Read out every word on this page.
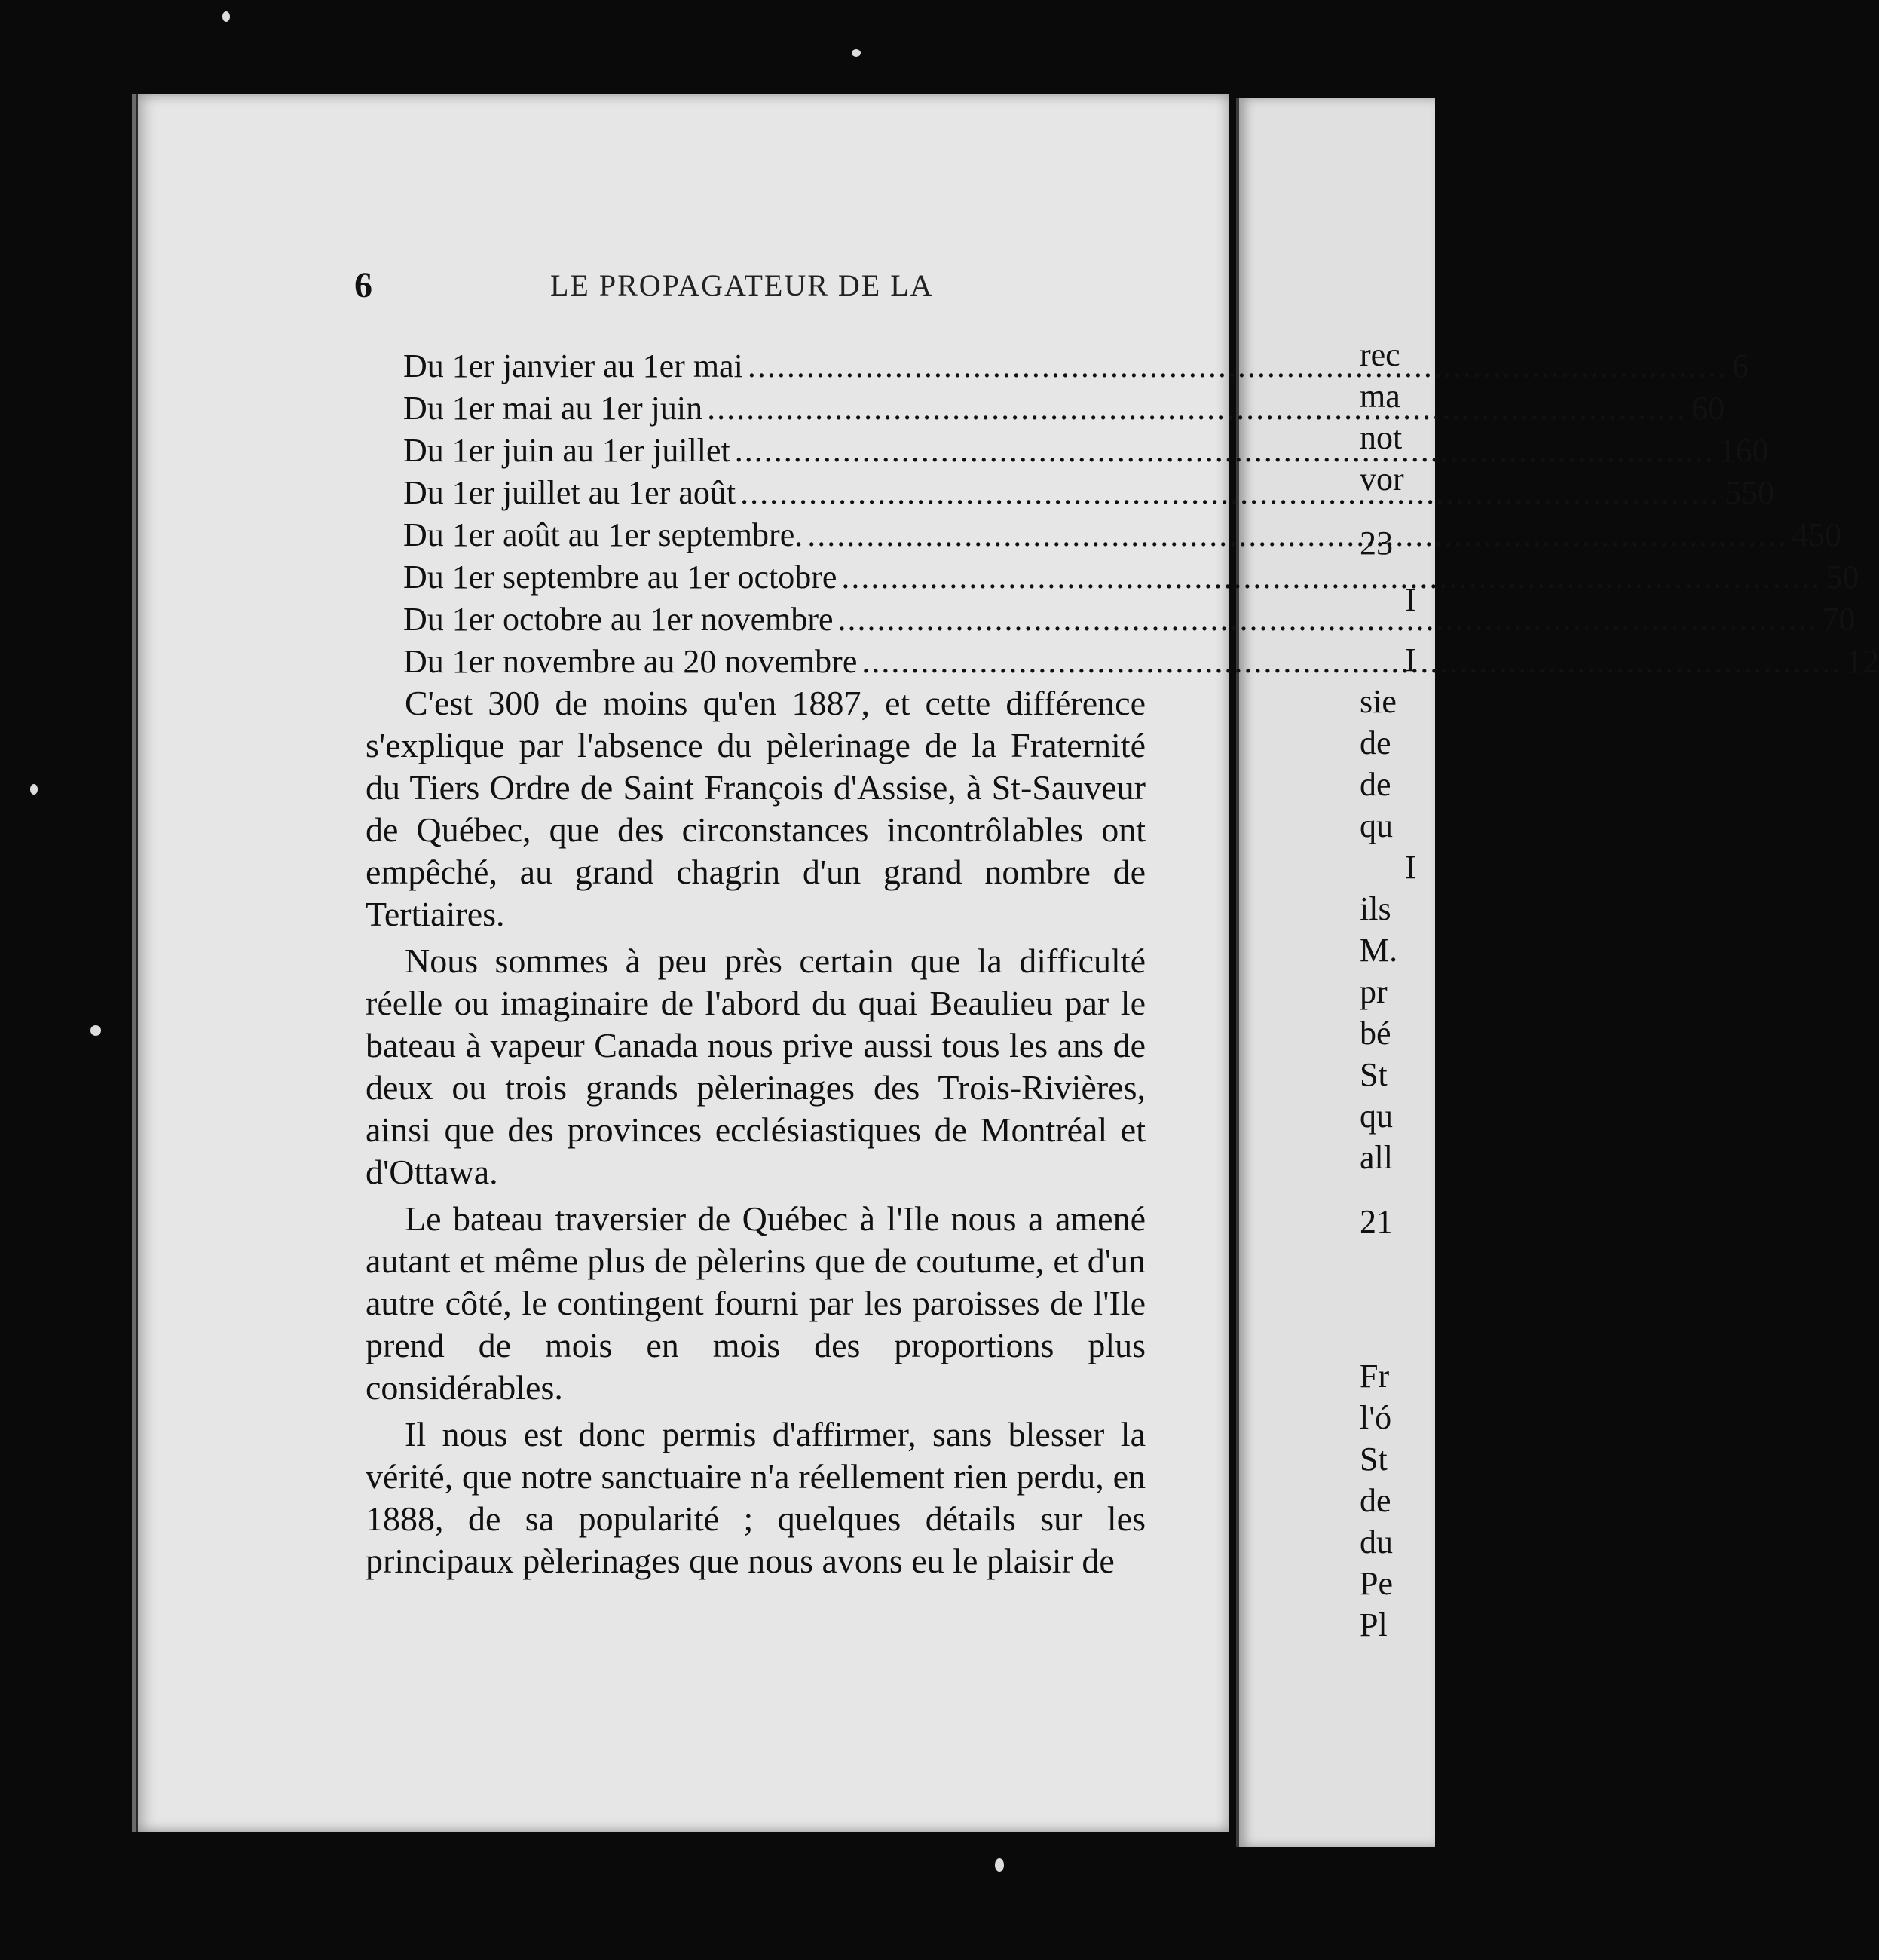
rec
ma
not
vor
23
I
I
sie
de
de
qu
I
ils
M.
pr
bé
St
qu
all
21
Fr
l'ó
St
de
du
Pe
Pl
6	LE PROPAGATEUR DE LA
Du 1er janvier au 1er mai .....	6
Du 1er mai au 1er juin .....	60
Du 1er juin au 1er juillet .....	160
Du 1er juillet au 1er août .....	550
Du 1er août au 1er septembre. .....	450
Du 1er septembre au 1er octobre .....	50
Du 1er octobre au 1er novembre .....	70
Du 1er novembre au 20 novembre .....	12

C'est 300 de moins qu'en 1887, et cette différence s'explique par l'absence du pèlerinage de la Fraternité du Tiers Ordre de Saint François d'Assise, à St-Sauveur de Québec, que des circonstances incontrôlables ont empêché, au grand chagrin d'un grand nombre de Tertiaires.

Nous sommes à peu près certain que la difficulté réelle ou imaginaire de l'abord du quai Beaulieu par le bateau à vapeur Canada nous prive aussi tous les ans de deux ou trois grands pèlerinages des Trois-Rivières, ainsi que des provinces ecclésiastiques de Montréal et d'Ottawa.

Le bateau traversier de Québec à l'Ile nous a amené autant et même plus de pèlerins que de coutume, et d'un autre côté, le contingent fourni par les paroisses de l'Ile prend de mois en mois des proportions plus considérables.

Il nous est donc permis d'affirmer, sans blesser la vérité, que notre sanctuaire n'a réellement rien perdu, en 1888, de sa popularité ; quelques détails sur les principaux pèlerinages que nous avons eu le plaisir de
